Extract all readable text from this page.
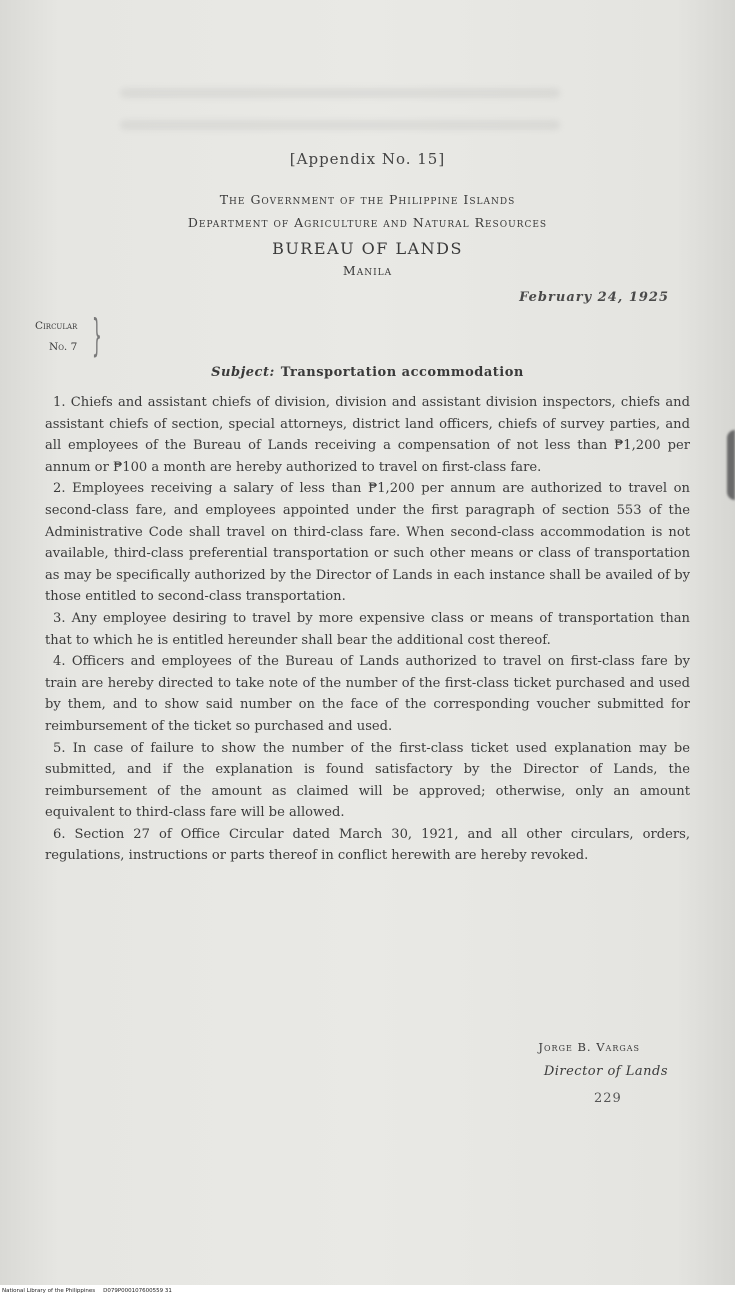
[Appendix No. 15]
The Government of the Philippine Islands
Department of Agriculture and Natural Resources
BUREAU OF LANDS
Manila
February 24, 1925
Circular
No. 7 }
Subject: Transportation accommodation

1. Chiefs and assistant chiefs of division, division and assistant division inspectors, chiefs and assistant chiefs of section, special attorneys, district land officers, chiefs of survey parties, and all employees of the Bureau of Lands receiving a compensation of not less than ₱1,200 per annum or ₱100 a month are hereby authorized to travel on first-class fare.

2. Employees receiving a salary of less than ₱1,200 per annum are authorized to travel on second-class fare, and employees appointed under the first paragraph of section 553 of the Administrative Code shall travel on third-class fare. When second-class accommodation is not available, third-class preferential transportation or such other means or class of transportation as may be specifically authorized by the Director of Lands in each instance shall be availed of by those entitled to second-class transportation.

3. Any employee desiring to travel by more expensive class or means of transportation than that to which he is entitled hereunder shall bear the additional cost thereof.

4. Officers and employees of the Bureau of Lands authorized to travel on first-class fare by train are hereby directed to take note of the number of the first-class ticket purchased and used by them, and to show said number on the face of the corresponding voucher submitted for reimbursement of the ticket so purchased and used.

5. In case of failure to show the number of the first-class ticket used explanation may be submitted, and if the explanation is found satisfactory by the Director of Lands, the reimbursement of the amount as claimed will be approved; otherwise, only an amount equivalent to third-class fare will be allowed.

6. Section 27 of Office Circular dated March 30, 1921, and all other circulars, orders, regulations, instructions or parts thereof in conflict herewith are hereby revoked.

Jorge B. Vargas
Director of Lands
229
National Library of the Philippines D079P000107600559 31
